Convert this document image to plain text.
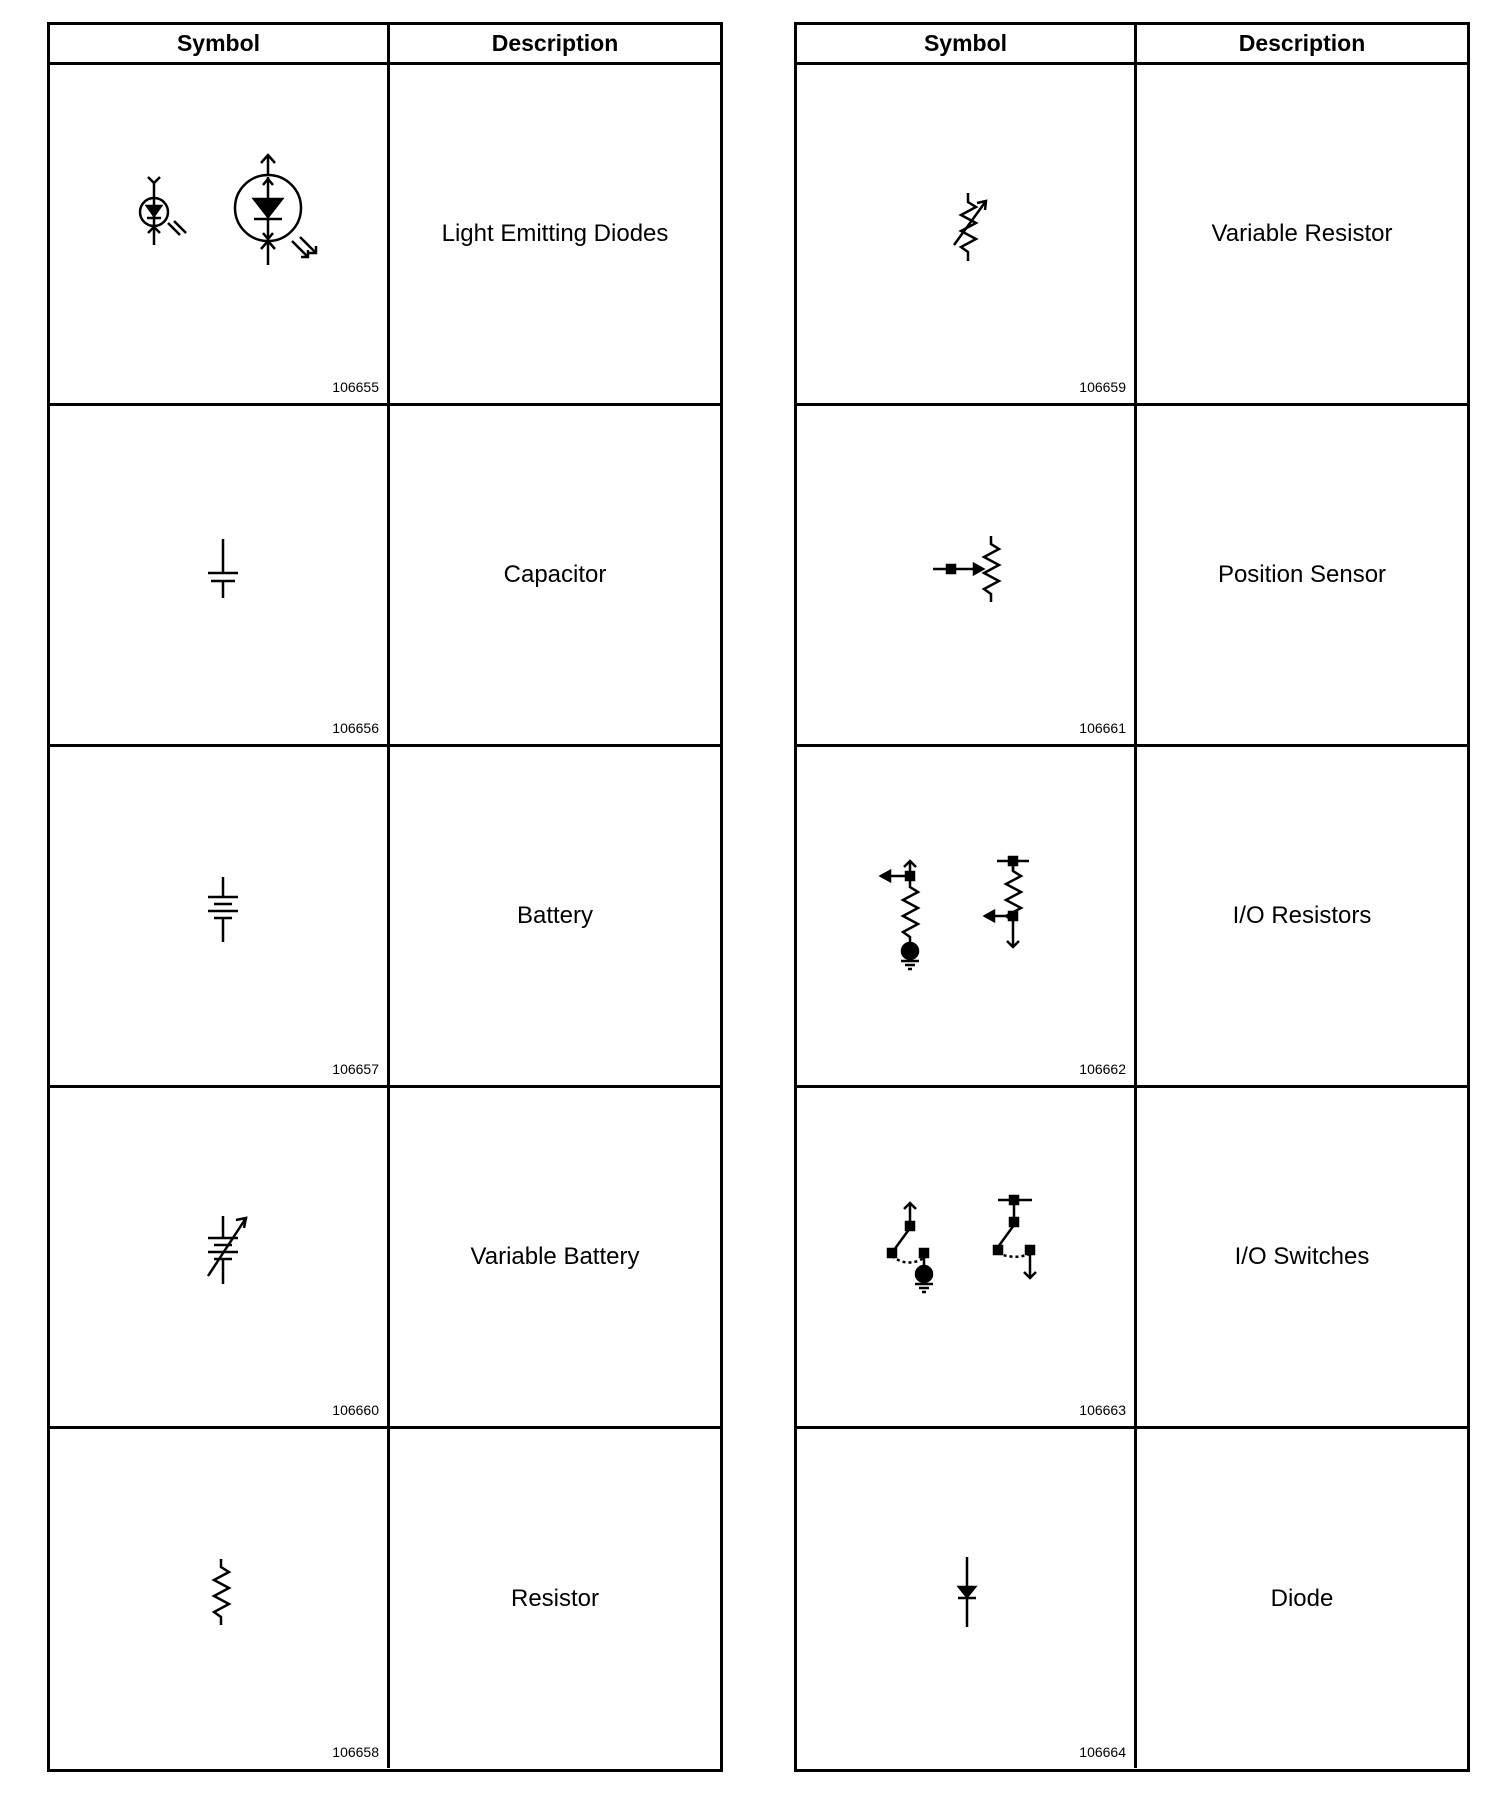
Symbol	Description
106655
Light Emitting Diodes
106656
Capacitor
106657
Battery
106660
Variable Battery
106658
Resistor
Symbol	Description
106659
Variable Resistor
106661
Position Sensor
106662
I/O Resistors
106663
I/O Switches
106664
Diode
